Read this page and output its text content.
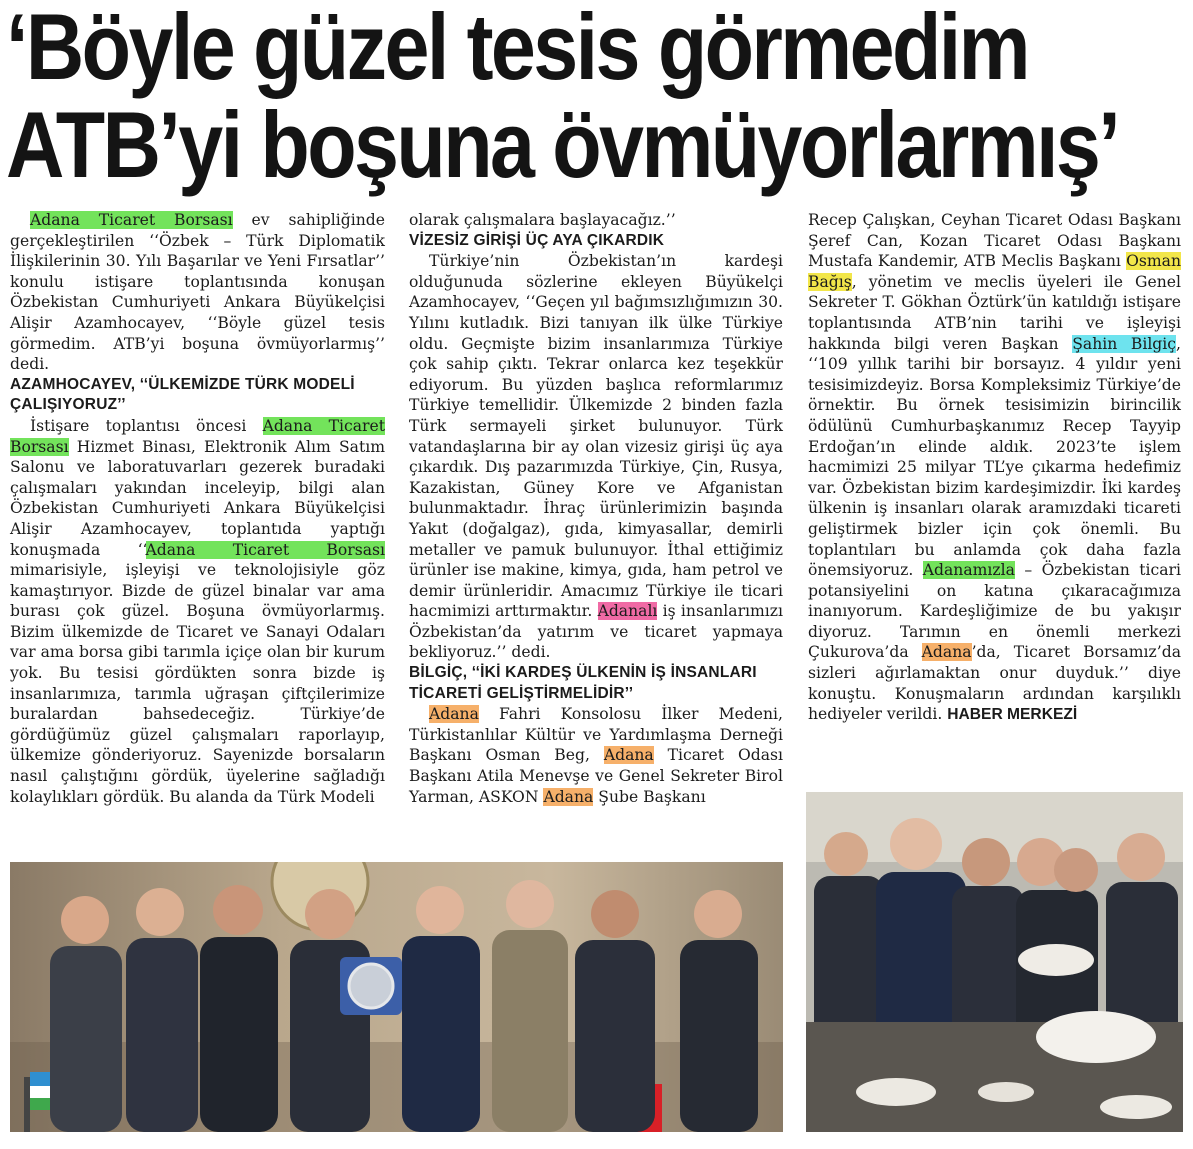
‘Böyle güzel tesis görmedim
ATB’yi boşuna övmüyorlarmış’

Adana Ticaret Borsası ev sahipliğinde gerçekleştirilen ‘‘Özbek – Türk Diplomatik İlişkilerinin 30. Yılı Başarılar ve Yeni Fırsatlar’’ konulu istişare toplantısında konuşan Özbekistan Cumhuriyeti Ankara Büyükelçisi Alişir Azamhocayev, ‘‘Böyle güzel tesis görmedim. ATB’yi boşuna övmüyorlarmış’’ dedi.

AZAMHOCAYEV, ‘‘ÜLKEMİZDE TÜRK MODELİ ÇALIŞIYORUZ’’

İstişare toplantısı öncesi Adana Ticaret Borsası Hizmet Binası, Elektronik Alım Satım Salonu ve laboratuvarları gezerek buradaki çalışmaları yakından inceleyip, bilgi alan Özbekistan Cumhuriyeti Ankara Büyükelçisi Alişir Azamhocayev, toplantıda yaptığı konuşmada ‘‘Adana Ticaret Borsası mimarisiyle, işleyişi ve teknolojisiyle göz kamaştırıyor. Bizde de güzel binalar var ama burası çok güzel. Boşuna övmüyorlarmış. Bizim ülkemizde de Ticaret ve Sanayi Odaları var ama borsa gibi tarımla içiçe olan bir kurum yok. Bu tesisi gördükten sonra bizde iş insanlarımıza, tarımla uğraşan çiftçilerimize buralardan bahsedeceğiz. Türkiye’de gördüğümüz güzel çalışmaları raporlayıp, ülkemize gönderiyoruz. Sayenizde borsaların nasıl çalıştığını gördük, üyelerine sağladığı kolaylıkları gördük. Bu alanda da Türk Modeli

olarak çalışmalara başlayacağız.’’

VİZESİZ GİRİŞİ ÜÇ AYA ÇIKARDIK

Türkiye’nin Özbekistan’ın kardeşi olduğunuda sözlerine ekleyen Büyükelçi Azamhocayev, ‘‘Geçen yıl bağımsızlığımızın 30. Yılını kutladık. Bizi tanıyan ilk ülke Türkiye oldu. Geçmişte bizim insanlarımıza Türkiye çok sahip çıktı. Tekrar onlarca kez teşekkür ediyorum. Bu yüzden başlıca reformlarımız Türkiye temellidir. Ülkemizde 2 binden fazla Türk sermayeli şirket bulunuyor. Türk vatandaşlarına bir ay olan vizesiz girişi üç aya çıkardık. Dış pazarımızda Türkiye, Çin, Rusya, Kazakistan, Güney Kore ve Afganistan bulunmaktadır. İhraç ürünlerimizin başında Yakıt (doğalgaz), gıda, kimyasallar, demirli metaller ve pamuk bulunuyor. İthal ettiğimiz ürünler ise makine, kimya, gıda, ham petrol ve demir ürünleridir. Amacımız Türkiye ile ticari hacmimizi arttırmaktır. Adanalı iş insanlarımızı Özbekistan’da yatırım ve ticaret yapmaya bekliyoruz.’’ dedi.

BİLGİÇ, ‘‘İKİ KARDEŞ ÜLKENİN İŞ İNSANLARI TİCARETİ GELİŞTİRMELİDİR’’

Adana Fahri Konsolosu İlker Medeni, Türkistanlılar Kültür ve Yardımlaşma Derneği Başkanı Osman Beg, Adana Ticaret Odası Başkanı Atila Menevşe ve Genel Sekreter Birol Yarman, ASKON Adana Şube Başkanı

Recep Çalışkan, Ceyhan Ticaret Odası Başkanı Şeref Can, Kozan Ticaret Odası Başkanı Mustafa Kandemir, ATB Meclis Başkanı Osman Bağış, yönetim ve meclis üyeleri ile Genel Sekreter T. Gökhan Öztürk’ün katıldığı istişare toplantısında ATB’nin tarihi ve işleyişi hakkında bilgi veren Başkan Şahin Bilgiç, ‘‘109 yıllık tarihi bir borsayız. 4 yıldır yeni tesisimizdeyiz. Borsa Kompleksimiz Türkiye’de örnektir. Bu örnek tesisimizin birincilik ödülünü Cumhurbaşkanımız Recep Tayyip Erdoğan’ın elinde aldık. 2023’te işlem hacmimizi 25 milyar TL’ye çıkarma hedefimiz var. Özbekistan bizim kardeşimizdir. İki kardeş ülkenin iş insanları olarak aramızdaki ticareti geliştirmek bizler için çok önemli. Bu toplantıları bu anlamda çok daha fazla önemsiyoruz. Adanamızla – Özbekistan ticari potansiyelini on katına çıkaracağımıza inanıyorum. Kardeşliğimize de bu yakışır diyoruz. Tarımın en önemli merkezi Çukurova’da Adana’da, Ticaret Borsamız’da sizleri ağırlamaktan onur duyduk.’’ diye konuştu. Konuşmaların ardından karşılıklı hediyeler verildi. HABER MERKEZİ
